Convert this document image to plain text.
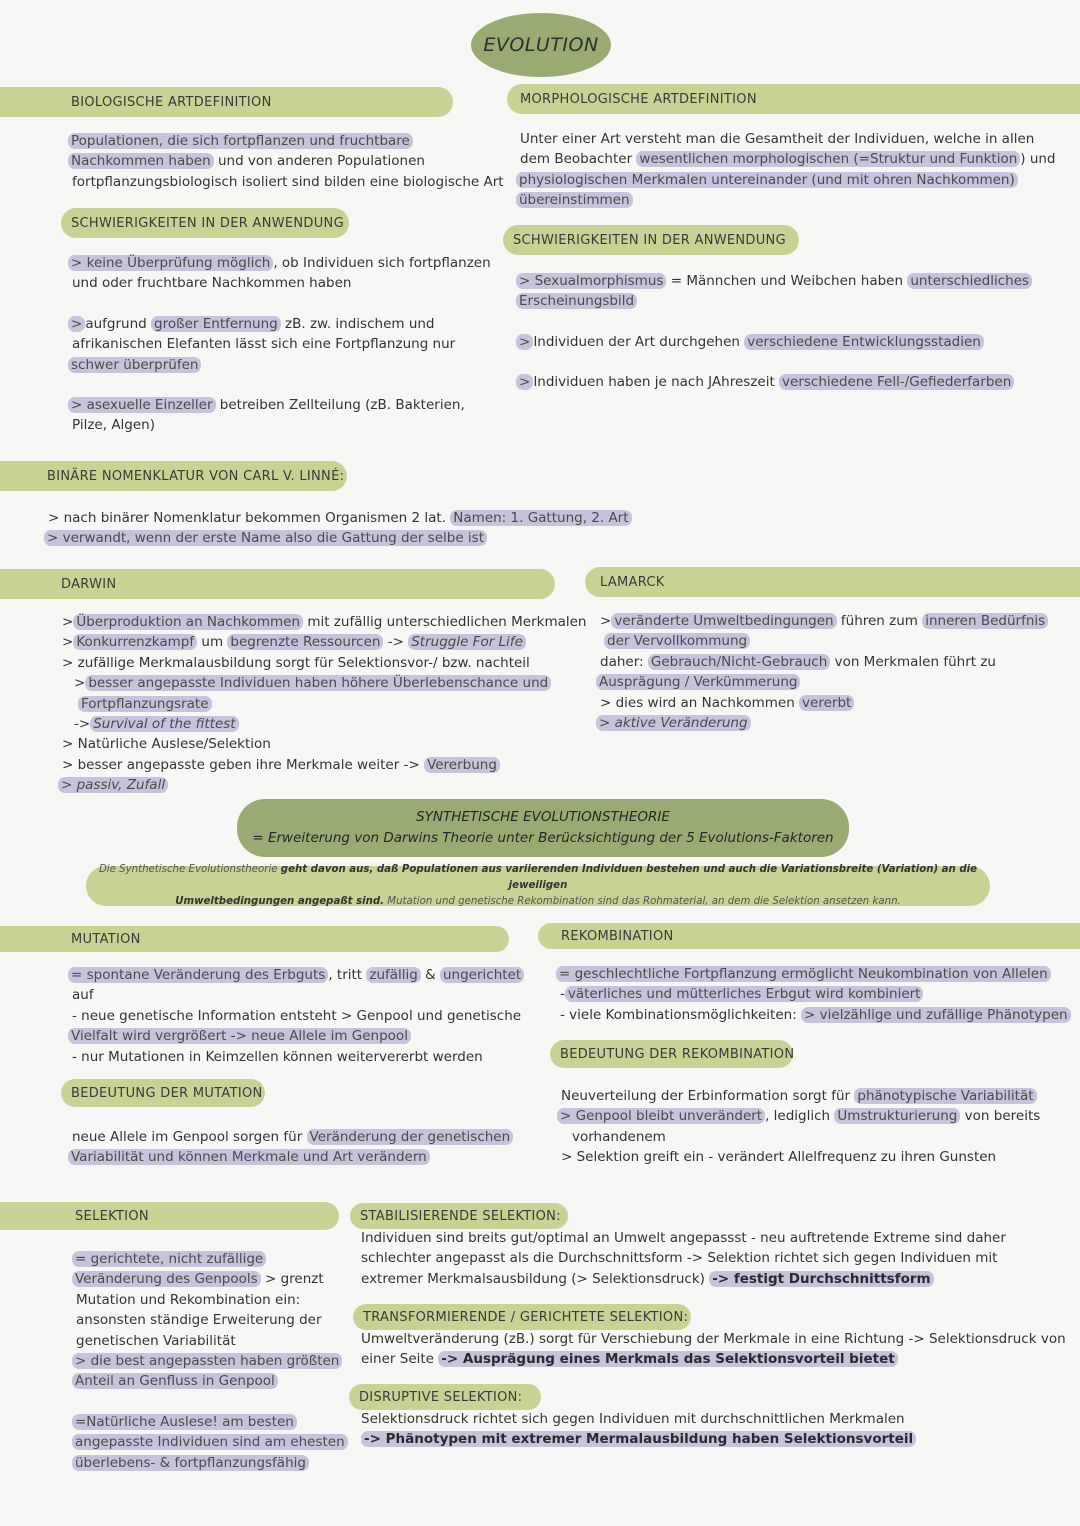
EVOLUTION
BIOLOGISCHE ARTDEFINITION
Populationen, die sich fortpflanzen und fruchtbare
Nachkommen haben und von anderen Populationen
fortpflanzungsbiologisch isoliert sind bilden eine biologische Art
SCHWIERIGKEITEN IN DER ANWENDUNG
> keine Überprüfung möglich , ob Individuen sich fortpflanzen
und oder fruchtbare Nachkommen haben
> aufgrund großer Entfernung zB. zw. indischem und
afrikanischen Elefanten lässt sich eine Fortpflanzung nur
schwer überprüfen
> asexuelle Einzeller betreiben Zellteilung (zB. Bakterien,
Pilze, Algen)
MORPHOLOGISCHE ARTDEFINITION
Unter einer Art versteht man die Gesamtheit der Individuen, welche in allen
dem Beobachter wesentlichen morphologischen (=Struktur und Funktion ) und
physiologischen Merkmalen untereinander (und mit ohren Nachkommen)
übereinstimmen
SCHWIERIGKEITEN IN DER ANWENDUNG
> Sexualmorphismus = Männchen und Weibchen haben unterschiedliches
Erscheinungsbild
> Individuen der Art durchgehen verschiedene Entwicklungsstadien
> Individuen haben je nach JAhreszeit verschiedene Fell-/Gefiederfarben
BINÄRE NOMENKLATUR VON CARL V. LINNÉ:
> nach binärer Nomenklatur bekommen Organismen 2 lat. Namen: 1. Gattung, 2. Art
> verwandt, wenn der erste Name also die Gattung der selbe ist
DARWIN
> Überproduktion an Nachkommen mit zufällig unterschiedlichen Merkmalen
> Konkurrenzkampf um begrenzte Ressourcen -> Struggle For Life
> zufällige Merkmalausbildung sorgt für Selektionsvor-/ bzw. nachteil
> besser angepasste Individuen haben höhere Überlebenschance und
Fortpflanzungsrate
-> Survival of the fittest
> Natürliche Auslese/Selektion
> besser angepasste geben ihre Merkmale weiter -> Vererbung
> passiv, Zufall
LAMARCK
> veränderte Umweltbedingungen führen zum inneren Bedürfnis
der Vervollkommung
daher: Gebrauch/Nicht-Gebrauch von Merkmalen führt zu
Ausprägung / Verkümmerung
> dies wird an Nachkommen vererbt
> aktive Veränderung
SYNTHETISCHE EVOLUTIONSTHEORIE
= Erweiterung von Darwins Theorie unter Berücksichtigung der 5 Evolutions-Faktoren
Die Synthetische Evolutionstheorie geht davon aus, daß Populationen aus variierenden Individuen bestehen und auch die Variationsbreite (Variation) an die jeweiligen
Umweltbedingungen angepaßt sind. Mutation und genetische Rekombination sind das Rohmaterial, an dem die Selektion ansetzen kann.
MUTATION
= spontane Veränderung des Erbguts , tritt zufällig & ungerichtet
auf
- neue genetische Information entsteht > Genpool und genetische
Vielfalt wird vergrößert -> neue Allele im Genpool
- nur Mutationen in Keimzellen können weitervererbt werden
BEDEUTUNG DER MUTATION
neue Allele im Genpool sorgen für Veränderung der genetischen
Variabilität und können Merkmale und Art verändern
REKOMBINATION
= geschlechtliche Fortpflanzung ermöglicht Neukombination von Allelen
- väterliches und mütterliches Erbgut wird kombiniert
- viele Kombinationsmöglichkeiten: > vielzählige und zufällige Phänotypen
BEDEUTUNG DER REKOMBINATION
Neuverteilung der Erbinformation sorgt für phänotypische Variabilität
> Genpool bleibt unverändert , lediglich Umstrukturierung von bereits
vorhandenem
> Selektion greift ein - verändert Allelfrequenz zu ihren Gunsten
SELEKTION
= gerichtete, nicht zufällige
Veränderung des Genpools > grenzt
Mutation und Rekombination ein:
ansonsten ständige Erweiterung der
genetischen Variabilität
> die best angepassten haben größten
Anteil an Genfluss in Genpool
=Natürliche Auslese! am besten
angepasste Individuen sind am ehesten
überlebens- & fortpflanzungsfähig
STABILISIERENDE SELEKTION:
Individuen sind breits gut/optimal an Umwelt angepassst - neu auftretende Extreme sind daher
schlechter angepasst als die Durchschnittsform -> Selektion richtet sich gegen Individuen mit
extremer Merkmalsausbildung (> Selektionsdruck) -> festigt Durchschnittsform
TRANSFORMIERENDE / GERICHTETE SELEKTION:
Umweltveränderung (zB.) sorgt für Verschiebung der Merkmale in eine Richtung -> Selektionsdruck von
einer Seite -> Ausprägung eines Merkmals das Selektionsvorteil bietet
DISRUPTIVE SELEKTION:
Selektionsdruck richtet sich gegen Individuen mit durchschnittlichen Merkmalen
-> Phänotypen mit extremer Mermalausbildung haben Selektionsvorteil
